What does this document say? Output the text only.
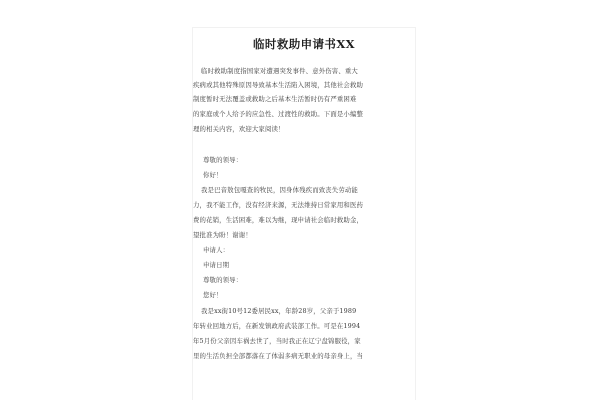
临时救助申请书XX
临时救助制度指国家对遭遇突发事件、意外伤害、重大
疾病或其他特殊原因导致基本生活陷入困境，其他社会救助
制度暂时无法覆盖或救助之后基本生活暂时仍有严重困难
的家庭或个人给予的应急性、过渡性的救助。下面是小编整
理的相关内容，欢迎大家阅读！
尊敬的领导：
你好！
我是巴音敖包嘎查的牧民，因身体残疾而致丧失劳动能
力，我不能工作，没有经济来源，无法维持日常家用和医药
费的花销，生活困难，难以为继，现申请社会临时救助金，
望批准为盼！谢谢！
申请人：
申请日期
尊敬的领导：
您好！
我是xx街10号12委居民xx，年龄28岁，父亲于1989
年转业回地方后，在新发镇政府武装部工作。可是在1994
年5月份父亲因车祸去世了，当时我正在辽宁盘锦服役，家
里的生活负担全部都落在了体弱多病无职业的母亲身上，当
